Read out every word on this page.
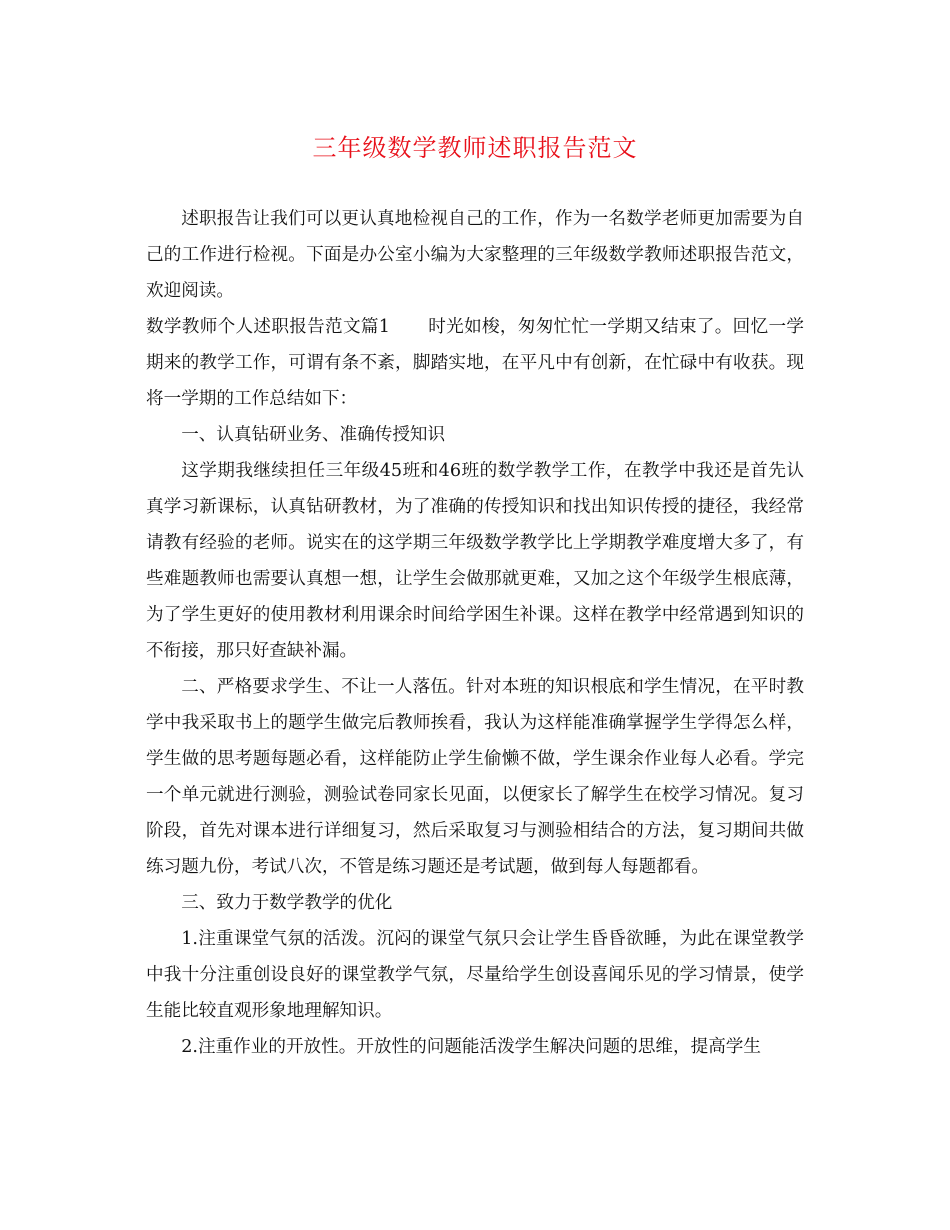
三年级数学教师述职报告范文

述职报告让我们可以更认真地检视自己的工作，作为一名数学老师更加需要为自己的工作进行检视。下面是办公室小编为大家整理的三年级数学教师述职报告范文，欢迎阅读。

数学教师个人述职报告范文篇1 时光如梭，匆匆忙忙一学期又结束了。回忆一学期来的教学工作，可谓有条不紊，脚踏实地，在平凡中有创新，在忙碌中有收获。现将一学期的工作总结如下：

一、认真钻研业务、准确传授知识

这学期我继续担任三年级45班和46班的数学教学工作，在教学中我还是首先认真学习新课标，认真钻研教材，为了准确的传授知识和找出知识传授的捷径，我经常请教有经验的老师。说实在的这学期三年级数学教学比上学期教学难度增大多了，有些难题教师也需要认真想一想，让学生会做那就更难，又加之这个年级学生根底薄，为了学生更好的使用教材利用课余时间给学困生补课。这样在教学中经常遇到知识的不衔接，那只好查缺补漏。

二、严格要求学生、不让一人落伍。针对本班的知识根底和学生情况，在平时教学中我采取书上的题学生做完后教师挨看，我认为这样能准确掌握学生学得怎么样，学生做的思考题每题必看，这样能防止学生偷懒不做，学生课余作业每人必看。学完一个单元就进行测验，测验试卷同家长见面，以便家长了解学生在校学习情况。复习阶段，首先对课本进行详细复习，然后采取复习与测验相结合的方法，复习期间共做练习题九份，考试八次，不管是练习题还是考试题，做到每人每题都看。

三、致力于数学教学的优化

1.注重课堂气氛的活泼。沉闷的课堂气氛只会让学生昏昏欲睡，为此在课堂教学中我十分注重创设良好的课堂教学气氛，尽量给学生创设喜闻乐见的学习情景，使学生能比较直观形象地理解知识。

2.注重作业的开放性。开放性的问题能活泼学生解决问题的思维，提高学生
